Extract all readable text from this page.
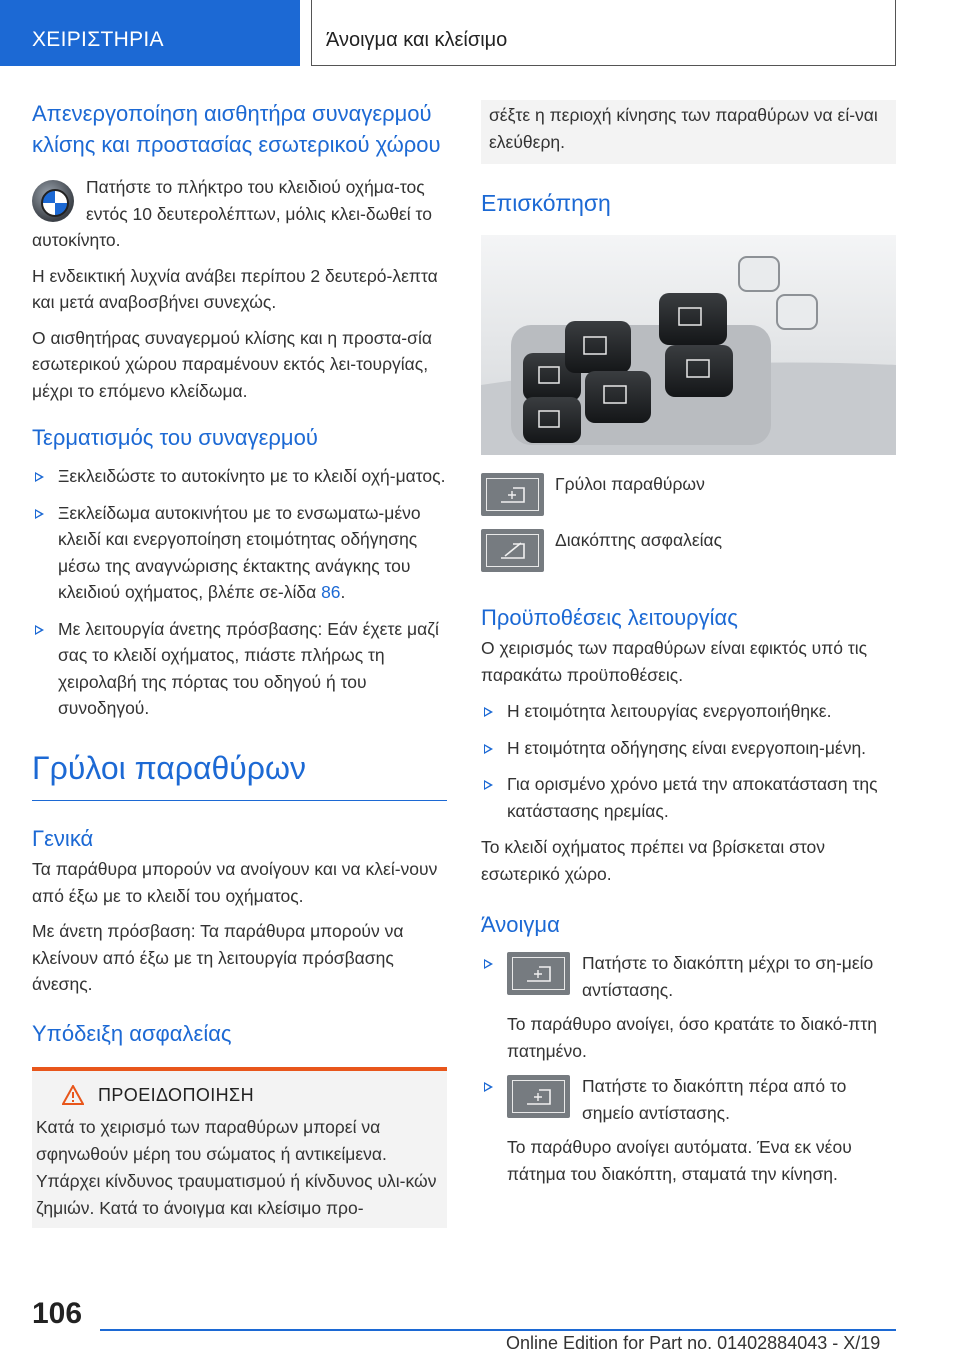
ΧΕΙΡΙΣΤΗΡΙΑ	Άνοιγμα και κλείσιμο
Απενεργοποίηση αισθητήρα συναγερμού κλίσης και προστασίας εσωτερικού χώρου

Πατήστε το πλήκτρο του κλειδιού οχήμα-τος εντός 10 δευτερολέπτων, μόλις κλει-δωθεί το αυτοκίνητο.

Η ενδεικτική λυχνία ανάβει περίπου 2 δευτερό-λεπτα και μετά αναβοσβήνει συνεχώς.

Ο αισθητήρας συναγερμού κλίσης και η προστα-σία εσωτερικού χώρου παραμένουν εκτός λει-τουργίας, μέχρι το επόμενο κλείδωμα.

Τερματισμός του συναγερμού
Ξεκλειδώστε το αυτοκίνητο με το κλειδί οχή-ματος.
Ξεκλείδωμα αυτοκινήτου με το ενσωματω-μένο κλειδί και ενεργοποίηση ετοιμότητας οδήγησης μέσω της αναγνώρισης έκτακτης ανάγκης του κλειδιού οχήματος, βλέπε σε-λίδα 86.
Με λειτουργία άνετης πρόσβασης: Εάν έχετε μαζί σας το κλειδί οχήματος, πιάστε πλήρως τη χειρολαβή της πόρτας του οδηγού ή του συνοδηγού.
Γρύλοι παραθύρων
Γενικά

Τα παράθυρα μπορούν να ανοίγουν και να κλεί-νουν από έξω με το κλειδί του οχήματος.

Με άνετη πρόσβαση: Τα παράθυρα μπορούν να κλείνουν από έξω με τη λειτουργία πρόσβασης άνεσης.

Υπόδειξη ασφαλείας
ΠΡΟΕΙΔΟΠΟΙΗΣΗ

Κατά το χειρισμό των παραθύρων μπορεί να σφηνωθούν μέρη του σώματος ή αντικείμενα. Υπάρχει κίνδυνος τραυματισμού ή κίνδυνος υλι-κών ζημιών. Κατά το άνοιγμα και κλείσιμο προ-

σέξτε η περιοχή κίνησης των παραθύρων να εί-ναι ελεύθερη.
Επισκόπηση
Γρύλοι παραθύρων
Διακόπτης ασφαλείας
Προϋποθέσεις λειτουργίας

Ο χειρισμός των παραθύρων είναι εφικτός υπό τις παρακάτω προϋποθέσεις.

Η ετοιμότητα λειτουργίας ενεργοποιήθηκε.
Η ετοιμότητα οδήγησης είναι ενεργοποιη-μένη.
Για ορισμένο χρόνο μετά την αποκατάσταση της κατάστασης ηρεμίας.

Το κλειδί οχήματος πρέπει να βρίσκεται στον εσωτερικό χώρο.

Άνοιγμα
Πατήστε το διακόπτη μέχρι το ση-μείο αντίστασης.

Το παράθυρο ανοίγει, όσο κρατάτε το διακό-πτη πατημένο.

Πατήστε το διακόπτη πέρα από το σημείο αντίστασης.

Το παράθυρο ανοίγει αυτόματα. Ένα εκ νέου πάτημα του διακόπτη, σταματά την κίνηση.

106
Online Edition for Part no. 01402884043 - X/19
